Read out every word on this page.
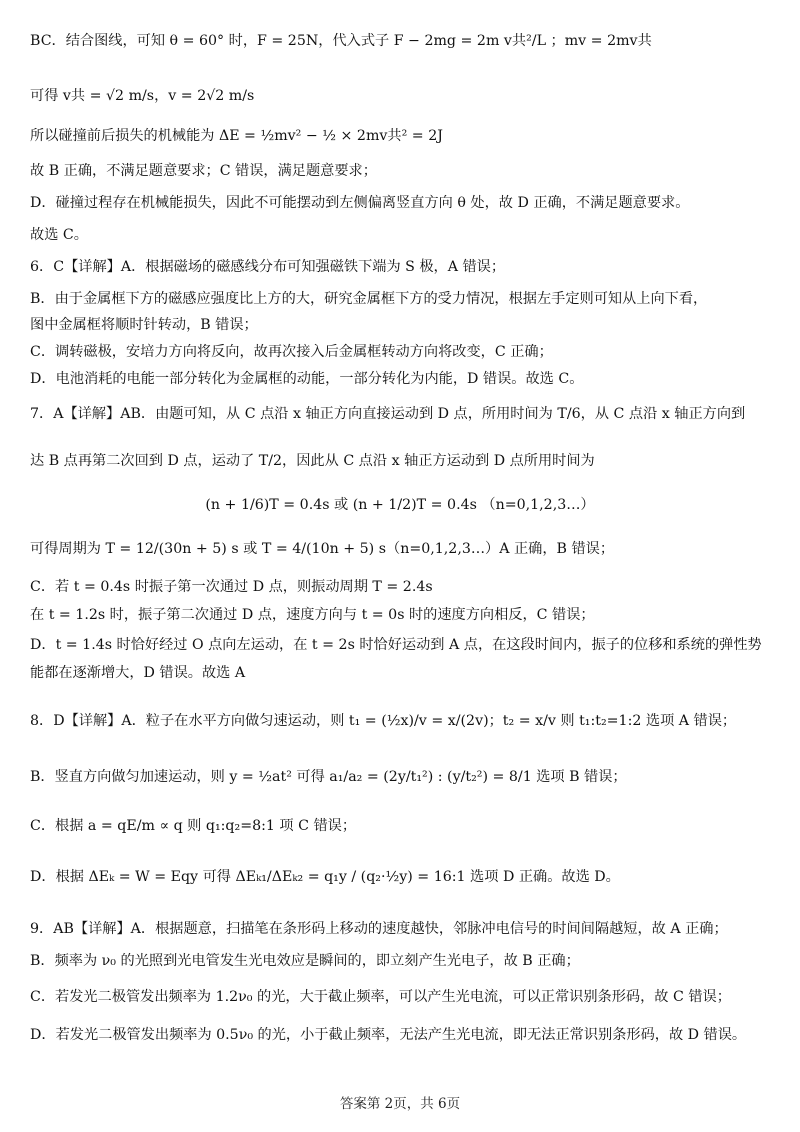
BC．结合图线，可知 θ = 60° 时，F = 25N，代入式子 F − 2mg = 2m v共²/L ；mv = 2mv共
可得 v共 = √2 m/s，v = 2√2 m/s
所以碰撞前后损失的机械能为 ΔE = ½mv² − ½ × 2mv共² = 2J
故 B 正确，不满足题意要求；C 错误，满足题意要求；
D．碰撞过程存在机械能损失，因此不可能摆动到左侧偏离竖直方向 θ 处，故 D 正确，不满足题意要求。
故选 C。
6．C【详解】A．根据磁场的磁感线分布可知强磁铁下端为 S 极，A 错误；
B．由于金属框下方的磁感应强度比上方的大，研究金属框下方的受力情况，根据左手定则可知从上向下看，
图中金属框将顺时针转动，B 错误；
C．调转磁极，安培力方向将反向，故再次接入后金属框转动方向将改变，C 正确；
D．电池消耗的电能一部分转化为金属框的动能，一部分转化为内能，D 错误。故选 C。
7．A【详解】AB．由题可知，从 C 点沿 x 轴正方向直接运动到 D 点，所用时间为 T/6，从 C 点沿 x 轴正方向到
达 B 点再第二次回到 D 点，运动了 T/2，因此从 C 点沿 x 轴正方运动到 D 点所用时间为
(n + 1/6)T = 0.4s 或 (n + 1/2)T = 0.4s （n=0,1,2,3…）
可得周期为 T = 12/(30n + 5) s 或 T = 4/(10n + 5) s（n=0,1,2,3…）A 正确，B 错误；
C．若 t = 0.4s 时振子第一次通过 D 点，则振动周期 T = 2.4s
在 t = 1.2s 时，振子第二次通过 D 点，速度方向与 t = 0s 时的速度方向相反，C 错误；
D．t = 1.4s 时恰好经过 O 点向左运动，在 t = 2s 时恰好运动到 A 点，在这段时间内，振子的位移和系统的弹性势
能都在逐渐增大，D 错误。故选 A
8．D【详解】A．粒子在水平方向做匀速运动，则 t₁ = (½x)/v = x/(2v)；t₂ = x/v 则 t₁:t₂=1:2 选项 A 错误；
B．竖直方向做匀加速运动，则 y = ½at² 可得 a₁/a₂ = (2y/t₁²) : (y/t₂²) = 8/1 选项 B 错误；
C．根据 a = qE/m ∝ q 则 q₁:q₂=8:1 项 C 错误；
D．根据 ΔEₖ = W = Eqy 可得 ΔEₖ₁/ΔEₖ₂ = q₁y / (q₂·½y) = 16:1 选项 D 正确。故选 D。
9．AB【详解】A．根据题意，扫描笔在条形码上移动的速度越快，邻脉冲电信号的时间间隔越短，故 A 正确；
B．频率为 ν₀ 的光照到光电管发生光电效应是瞬间的，即立刻产生光电子，故 B 正确；
C．若发光二极管发出频率为 1.2ν₀ 的光，大于截止频率，可以产生光电流，可以正常识别条形码，故 C 错误；
D．若发光二极管发出频率为 0.5ν₀ 的光，小于截止频率，无法产生光电流，即无法正常识别条形码，故 D 错误。
答案第 2页，共 6页
